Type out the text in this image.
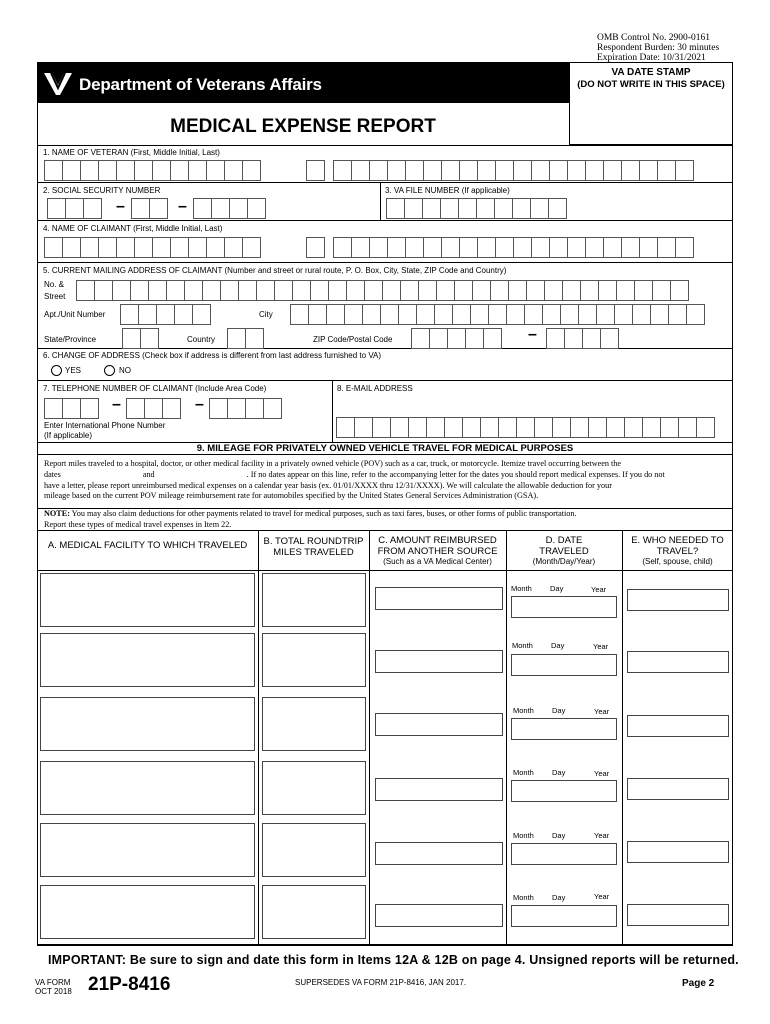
OMB Control No. 2900-0161
Respondent Burden: 30 minutes
Expiration Date: 10/31/2021
Department of Veterans Affairs
VA DATE STAMP
(DO NOT WRITE IN THIS SPACE)
MEDICAL EXPENSE REPORT
1. NAME OF VETERAN (First, Middle Initial, Last)
2. SOCIAL SECURITY NUMBER
–	–
3. VA FILE NUMBER (If applicable)
4. NAME OF CLAIMANT (First, Middle Initial, Last)
5. CURRENT MAILING ADDRESS OF CLAIMANT (Number and street or rural route, P. O. Box, City, State, ZIP Code and Country)
No. &
Street
Apt./Unit Number	City
State/Province	Country	ZIP Code/Postal Code	–
6. CHANGE OF ADDRESS (Check box if address is different from last address furnished to VA)
YES	NO
7. TELEPHONE NUMBER OF CLAIMANT (Include Area Code)
–	–
Enter International Phone Number
(If applicable)
8. E-MAIL ADDRESS
9. MILEAGE FOR PRIVATELY OWNED VEHICLE TRAVEL FOR MEDICAL PURPOSES
Report miles traveled to a hospital, doctor, or other medical facility in a privately owned vehicle (POV) such as a car, truck, or motorcycle. Itemize travel occurring between the
dates	and	. If no dates appear on this line, refer to the accompanying letter for the dates you should report medical expenses. If you do not
have a letter, please report unreimbursed medical expenses on a calendar year basis (ex. 01/01/XXXX thru 12/31/XXXX). We will calculate the allowable deduction for your
mileage based on the current POV mileage reimbursement rate for automobiles specified by the United States General Services Administration (GSA).
NOTE: You may also claim deductions for other payments related to travel for medical purposes, such as taxi fares, buses, or other forms of public transportation.
Report these types of medical travel expenses in Item 22.
A. MEDICAL FACILITY TO WHICH TRAVELED	B. TOTAL ROUNDTRIP MILES TRAVELED
C. AMOUNT REIMBURSED FROM ANOTHER SOURCE
(Such as a VA Medical Center)
D. DATE TRAVELED
(Month/Day/Year)
E. WHO NEEDED TO TRAVEL?
(Self, spouse, child)
Month Day	Year
Month Day	Year
Month Day	Year
Month Day	Year
Month Day	Year
Month Day	Year
IMPORTANT: Be sure to sign and date this form in Items 12A & 12B on page 4. Unsigned reports will be returned.
VA FORM
OCT 2018 21P-8416	SUPERSEDES VA FORM 21P-8416, JAN 2017.	Page 2
